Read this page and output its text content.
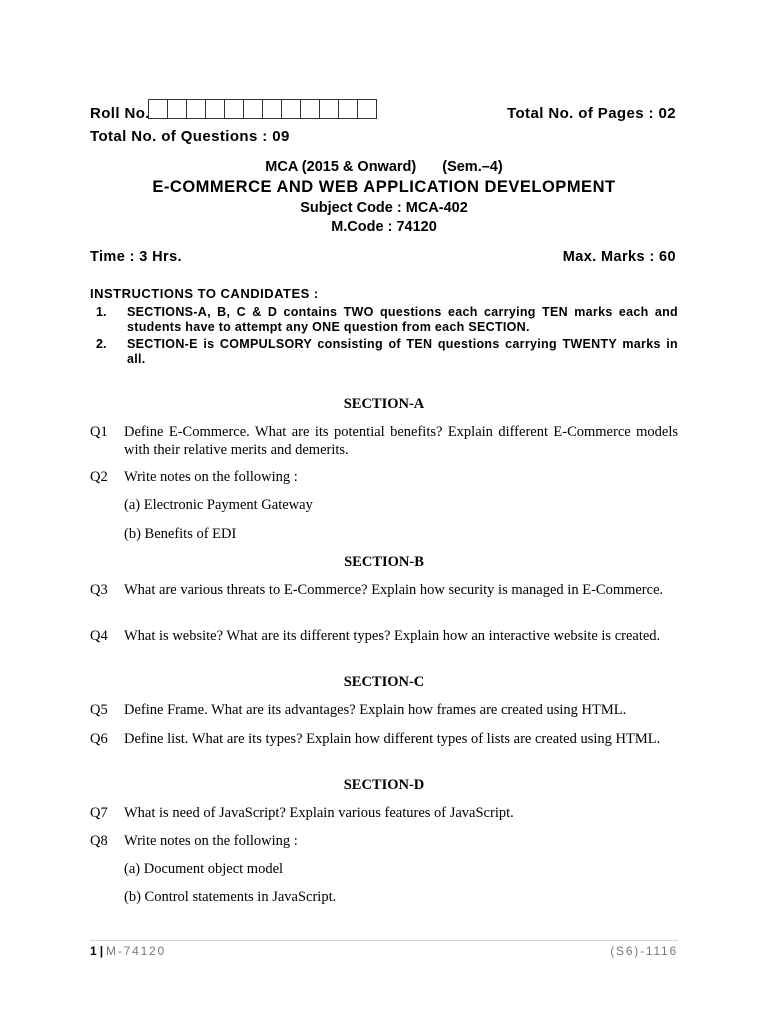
Roll No.	Total No. of Pages : 02
Total No. of Questions : 09
MCA (2015 & Onward) (Sem.–4)
E-COMMERCE AND WEB APPLICATION DEVELOPMENT
Subject Code : MCA-402
M.Code : 74120
Time : 3 Hrs.	Max. Marks : 60
INSTRUCTIONS TO CANDIDATES :
1.	SECTIONS-A, B, C & D contains TWO questions each carrying TEN marks each and students have to attempt any ONE question from each SECTION.
2.	SECTION-E is COMPULSORY consisting of TEN questions carrying TWENTY marks in all.
SECTION-A
Q1	Define E-Commerce. What are its potential benefits? Explain different E-Commerce models with their relative merits and demerits.
Q2	Write notes on the following :
(a) Electronic Payment Gateway
(b) Benefits of EDI
SECTION-B
Q3	What are various threats to E-Commerce? Explain how security is managed in E-Commerce.
Q4	What is website? What are its different types? Explain how an interactive website is created.
SECTION-C
Q5	Define Frame. What are its advantages? Explain how frames are created using HTML.
Q6	Define list. What are its types? Explain how different types of lists are created using HTML.
SECTION-D
Q7	What is need of JavaScript? Explain various features of JavaScript.
Q8	Write notes on the following :
(a) Document object model
(b) Control statements in JavaScript.
1 | M-74120	(S6)-1116
